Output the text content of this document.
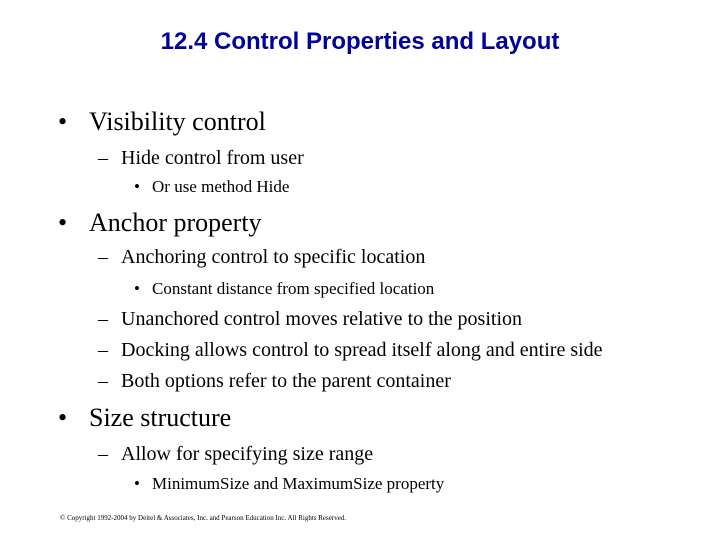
12.4 Control Properties and Layout
• Visibility control
– Hide control from user
• Or use method Hide
• Anchor property
– Anchoring control to specific location
• Constant distance from specified location
– Unanchored control moves relative to the position
– Docking allows control to spread itself along and entire side
– Both options refer to the parent container
• Size structure
– Allow for specifying size range
• MinimumSize and MaximumSize property
© Copyright 1992-2004 by Deitel & Associates, Inc. and Pearson Education Inc. All Rights Reserved.
